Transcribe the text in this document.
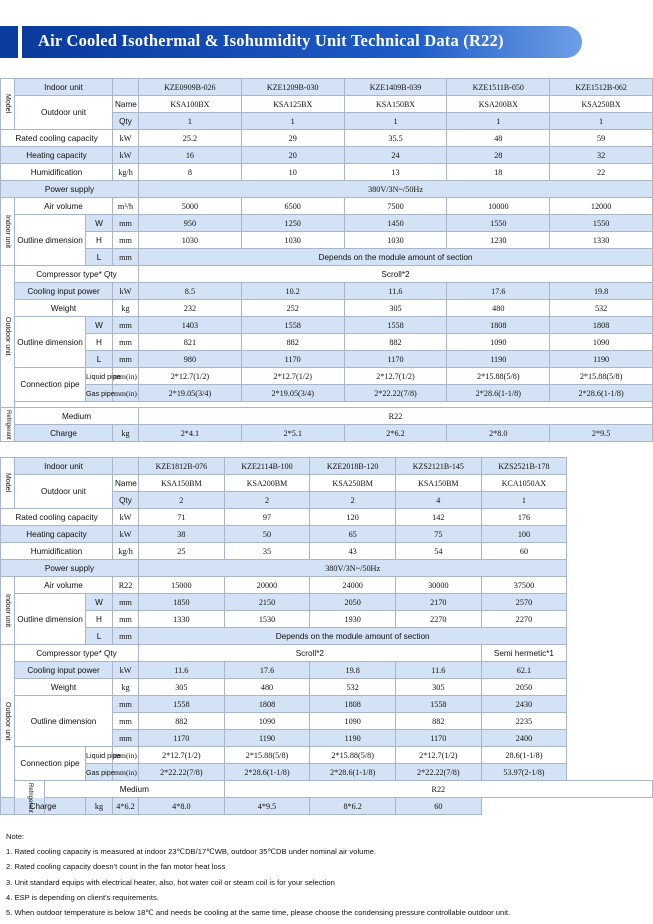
Air Cooled Isothermal & Isohumidity Unit Technical Data (R22)
Model	Indoor unit			KZE0909B-026	KZE1209B-030	KZE1409B-039	KZE1511B-050	KZE1512B-062
	Outdoor unit		Name	KSA100BX	KSA125BX	KSA150BX	KSA200BX	KSA250BX
			Qty	1	1	1	1	1
Rated cooling capacity			kW	25.2	29	35.5	48	59
Heating capacity			kW	16	20	24	28	32
Humidification			kg/h	8	10	13	18	22
Power supply				380V/3N~/50Hz				

Indoor unit	Air volume		m³/h	5000	6500	7500	10000	12000
	Outline dimension	W	mm	950	1250	1450	1550	1550
		H	mm	1030	1030	1030	1230	1330
		L	mm	Depends on the module amount of section				

Outdoor unit	Compressor type* Qty			Scroll*2				
	Cooling input power		kW	8.5	10.2	11.6	17.6	19.8
	Weight		kg	232	252	305	480	532
	Outline dimension	W	mm	1403	1558	1558	1808	1808
		H	mm	821	882	882	1090	1090
		L	mm	980	1170	1170	1190	1190
	Connection pipe	Liquid pipe	mm(in)	2*12.7(1/2)	2*12.7(1/2)	2*12.7(1/2)	2*15.88(5/8)	2*15.88(5/8)
		Gas pipe	mm(in)	2*19.05(3/4)	2*19.05(3/4)	2*22.22(7/8)	2*28.6(1-1/8)	2*28.6(1-1/8)

Refrigerant	Medium			R22				
	Charge		kg	2*4.1	2*5.1	2*6.2	2*8.0	2*9.5
Model	Indoor unit				KZE1812B-076	KZE2114B-100	KZE2018B-120	KZS2121B-145	KZS2521B-178
	Outdoor unit			Name	KSA150BM	KSA200BM	KSA250BM	KSA150BM	KCA1050AX
				Qty	2	2	2	4	1
Rated cooling capacity				kW	71	97	120	142	176
Heating capacity				kW	38	50	65	75	100
Humidification				kg/h	25	35	43	54	60
Power supply					380V/3N~/50Hz				

Indoor unit	Air volume			R22	15000	20000	24000	30000	37500
	Outline dimension		W	mm	1850	2150	2050	2170	2570
			H	mm	1330	1530	1930	2270	2270
			L	mm	Depends on the module amount of section				

Outdoor unit	Compressor type* Qty				Scroll*2				Semi hermetic*1
	Cooling input power			kW	11.6	17.6	19.8	11.6	62.1
	Weight			kg	305	480	532	305	2050
	Outline dimension			mm	1558	1808	1808	1558	2430
				mm	882	1090	1090	882	2235
				mm	1170	1190	1190	1170	2400
	Connection pipe		Liquid pipe	mm(in)	2*12.7(1/2)	2*15.88(5/8)	2*15.88(5/8)	2*12.7(1/2)	28.6(1-1/8)
			Gas pipe	mm(in)	2*22.22(7/8)	2*28.6(1-1/8)	2*28.6(1-1/8)	2*22.22(7/8)	53.97(2-1/8)

	Refrigerant	Medium				R22			
Charge			kg	4*6.2	4*8.0	4*9.5	8*6.2	60	
Note:
1. Rated cooling capacity is measured at indoor 23℃DB/17℃WB, outdoor 35℃DB under nominal air volume.
2. Rated cooling capacity doesn't count in the fan motor heat loss
3. Unit standard equips with electrical heater, also, hot water coil or steam coil is for your selection
4. ESP is depending on client's requirements.
5. When outdoor temperature is below 18℃ and needs be cooling at the same time, please choose the condensing pressure controllable outdoor unit.
